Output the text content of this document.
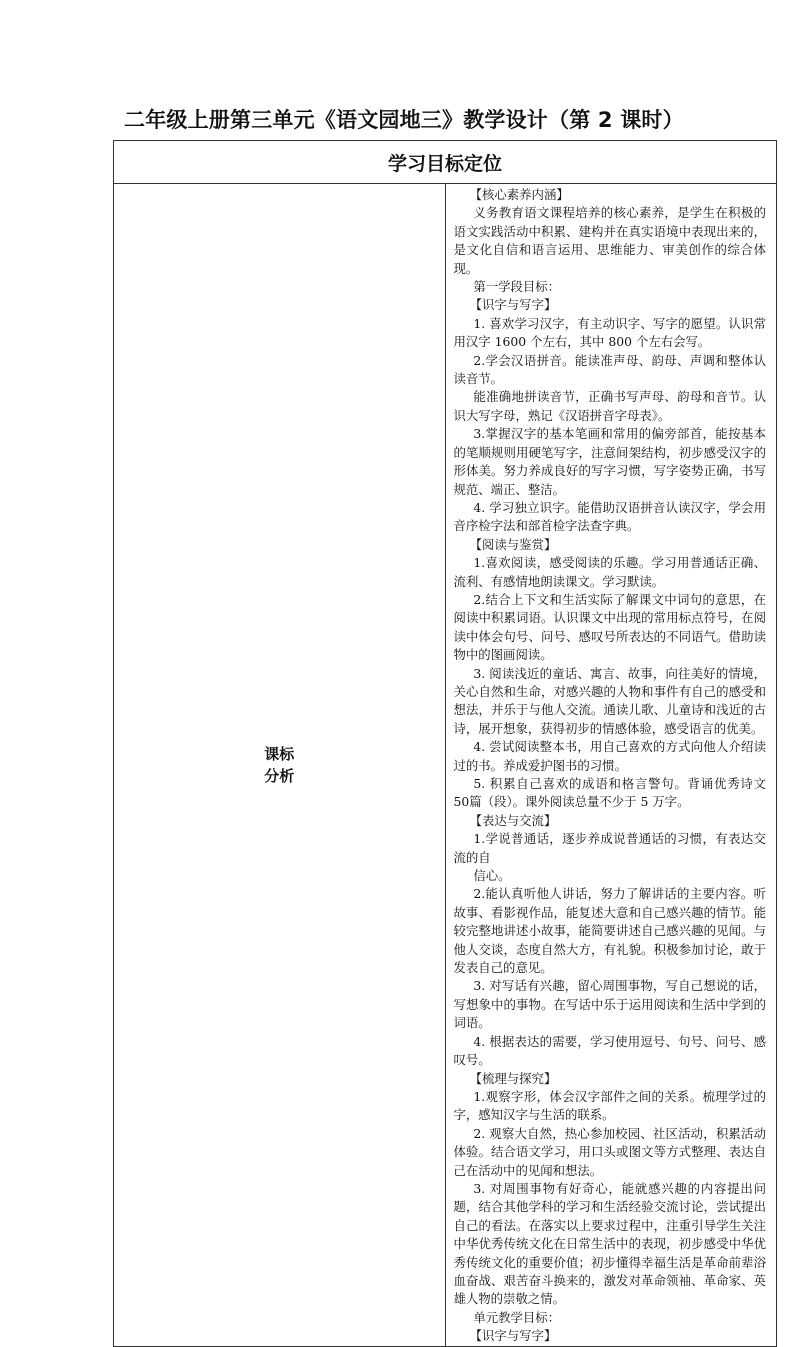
二年级上册第三单元《语文园地三》教学设计（第 2 课时）
学习目标定位

课标
分析

【核心素养内涵】

义务教育语文课程培养的核心素养，是学生在积极的语文实践活动中积累、建构并在真实语境中表现出来的，是文化自信和语言运用、思维能力、审美创作的综合体现。

第一学段目标：

【识字与写字】

1. 喜欢学习汉字，有主动识字、写字的愿望。认识常用汉字 1600 个左右，其中 800 个左右会写。

2.学会汉语拼音。能读准声母、韵母、声调和整体认读音节。

能准确地拼读音节，正确书写声母、韵母和音节。认识大写字母，熟记《汉语拼音字母表》。

3.掌握汉字的基本笔画和常用的偏旁部首，能按基本的笔顺规则用硬笔写字，注意间架结构，初步感受汉字的形体美。努力养成良好的写字习惯，写字姿势正确，书写规范、端正、整洁。

4. 学习独立识字。能借助汉语拼音认读汉字，学会用音序检字法和部首检字法查字典。

【阅读与鉴赏】

1.喜欢阅读，感受阅读的乐趣。学习用普通话正确、流利、有感情地朗读课文。学习默读。

2.结合上下文和生活实际了解课文中词句的意思，在阅读中积累词语。认识课文中出现的常用标点符号，在阅读中体会句号、问号、感叹号所表达的不同语气。借助读物中的图画阅读。

3. 阅读浅近的童话、寓言、故事，向往美好的情境，关心自然和生命，对感兴趣的人物和事件有自己的感受和想法，并乐于与他人交流。通读儿歌、儿童诗和浅近的古诗，展开想象，获得初步的情感体验，感受语言的优美。

4. 尝试阅读整本书，用自己喜欢的方式向他人介绍读过的书。养成爱护图书的习惯。

5. 积累自己喜欢的成语和格言警句。背诵优秀诗文 50篇（段）。课外阅读总量不少于 5 万字。

【表达与交流】

1.学说普通话，逐步养成说普通话的习惯，有表达交流的自

信心。

2.能认真听他人讲话，努力了解讲话的主要内容。听故事、看影视作品，能复述大意和自己感兴趣的情节。能较完整地讲述小故事，能简要讲述自己感兴趣的见闻。与他人交谈，态度自然大方，有礼貌。积极参加讨论，敢于发表自己的意见。

3. 对写话有兴趣，留心周围事物，写自己想说的话，写想象中的事物。在写话中乐于运用阅读和生活中学到的词语。

4. 根据表达的需要，学习使用逗号、句号、问号、感叹号。

【梳理与探究】

1.观察字形，体会汉字部件之间的关系。梳理学过的字，感知汉字与生活的联系。

2. 观察大自然，热心参加校园、社区活动，积累活动体验。结合语文学习，用口头或图文等方式整理、表达自己在活动中的见闻和想法。

3. 对周围事物有好奇心，能就感兴趣的内容提出问题，结合其他学科的学习和生活经验交流讨论，尝试提出自己的看法。在落实以上要求过程中，注重引导学生关注中华优秀传统文化在日常生活中的表现，初步感受中华优秀传统文化的重要价值；初步懂得幸福生活是革命前辈浴血奋战、艰苦奋斗换来的，激发对革命领袖、革命家、英雄人物的崇敬之情。

单元教学目标：

【识字与写字】
